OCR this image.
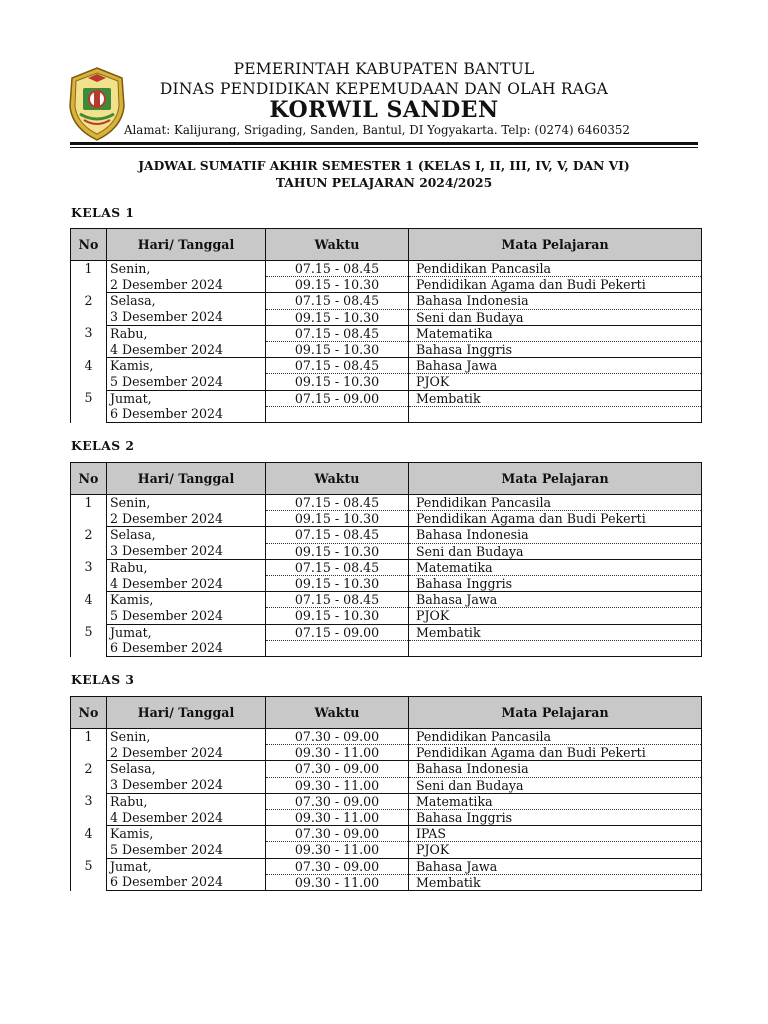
PEMERINTAH KABUPATEN BANTUL
DINAS PENDIDIKAN KEPEMUDAAN DAN OLAH RAGA
KORWIL SANDEN
Alamat: Kalijurang, Srigading, Sanden, Bantul, DI Yogyakarta. Telp: (0274) 6460352
JADWAL SUMATIF AKHIR SEMESTER 1 (KELAS I, II, III, IV, V, DAN VI)
TAHUN PELAJARAN 2024/2025
KELAS 1
No	Hari/ Tanggal	Waktu	Mata Pelajaran
1	Senin,	07.15 - 08.45	Pendidikan Pancasila
	2 Desember 2024	09.15 - 10.30	Pendidikan Agama dan Budi Pekerti
2	Selasa,	07.15 - 08.45	Bahasa Indonesia
	3 Desember 2024	09.15 - 10.30	Seni dan Budaya
3	Rabu,	07.15 - 08.45	Matematika
	4 Desember 2024	09.15 - 10.30	Bahasa Inggris
4	Kamis,	07.15 - 08.45	Bahasa Jawa
	5 Desember 2024	09.15 - 10.30	PJOK
5	Jumat,	07.15 - 09.00	Membatik
	6 Desember 2024		
KELAS 2
No	Hari/ Tanggal	Waktu	Mata Pelajaran
1	Senin,	07.15 - 08.45	Pendidikan Pancasila
	2 Desember 2024	09.15 - 10.30	Pendidikan Agama dan Budi Pekerti
2	Selasa,	07.15 - 08.45	Bahasa Indonesia
	3 Desember 2024	09.15 - 10.30	Seni dan Budaya
3	Rabu,	07.15 - 08.45	Matematika
	4 Desember 2024	09.15 - 10.30	Bahasa Inggris
4	Kamis,	07.15 - 08.45	Bahasa Jawa
	5 Desember 2024	09.15 - 10.30	PJOK
5	Jumat,	07.15 - 09.00	Membatik
	6 Desember 2024		
KELAS 3
No	Hari/ Tanggal	Waktu	Mata Pelajaran
1	Senin,	07.30 - 09.00	Pendidikan Pancasila
	2 Desember 2024	09.30 - 11.00	Pendidikan Agama dan Budi Pekerti
2	Selasa,	07.30 - 09.00	Bahasa Indonesia
	3 Desember 2024	09.30 - 11.00	Seni dan Budaya
3	Rabu,	07.30 - 09.00	Matematika
	4 Desember 2024	09.30 - 11.00	Bahasa Inggris
4	Kamis,	07.30 - 09.00	IPAS
	5 Desember 2024	09.30 - 11.00	PJOK
5	Jumat,	07.30 - 09.00	Bahasa Jawa
	6 Desember 2024	09.30 - 11.00	Membatik
